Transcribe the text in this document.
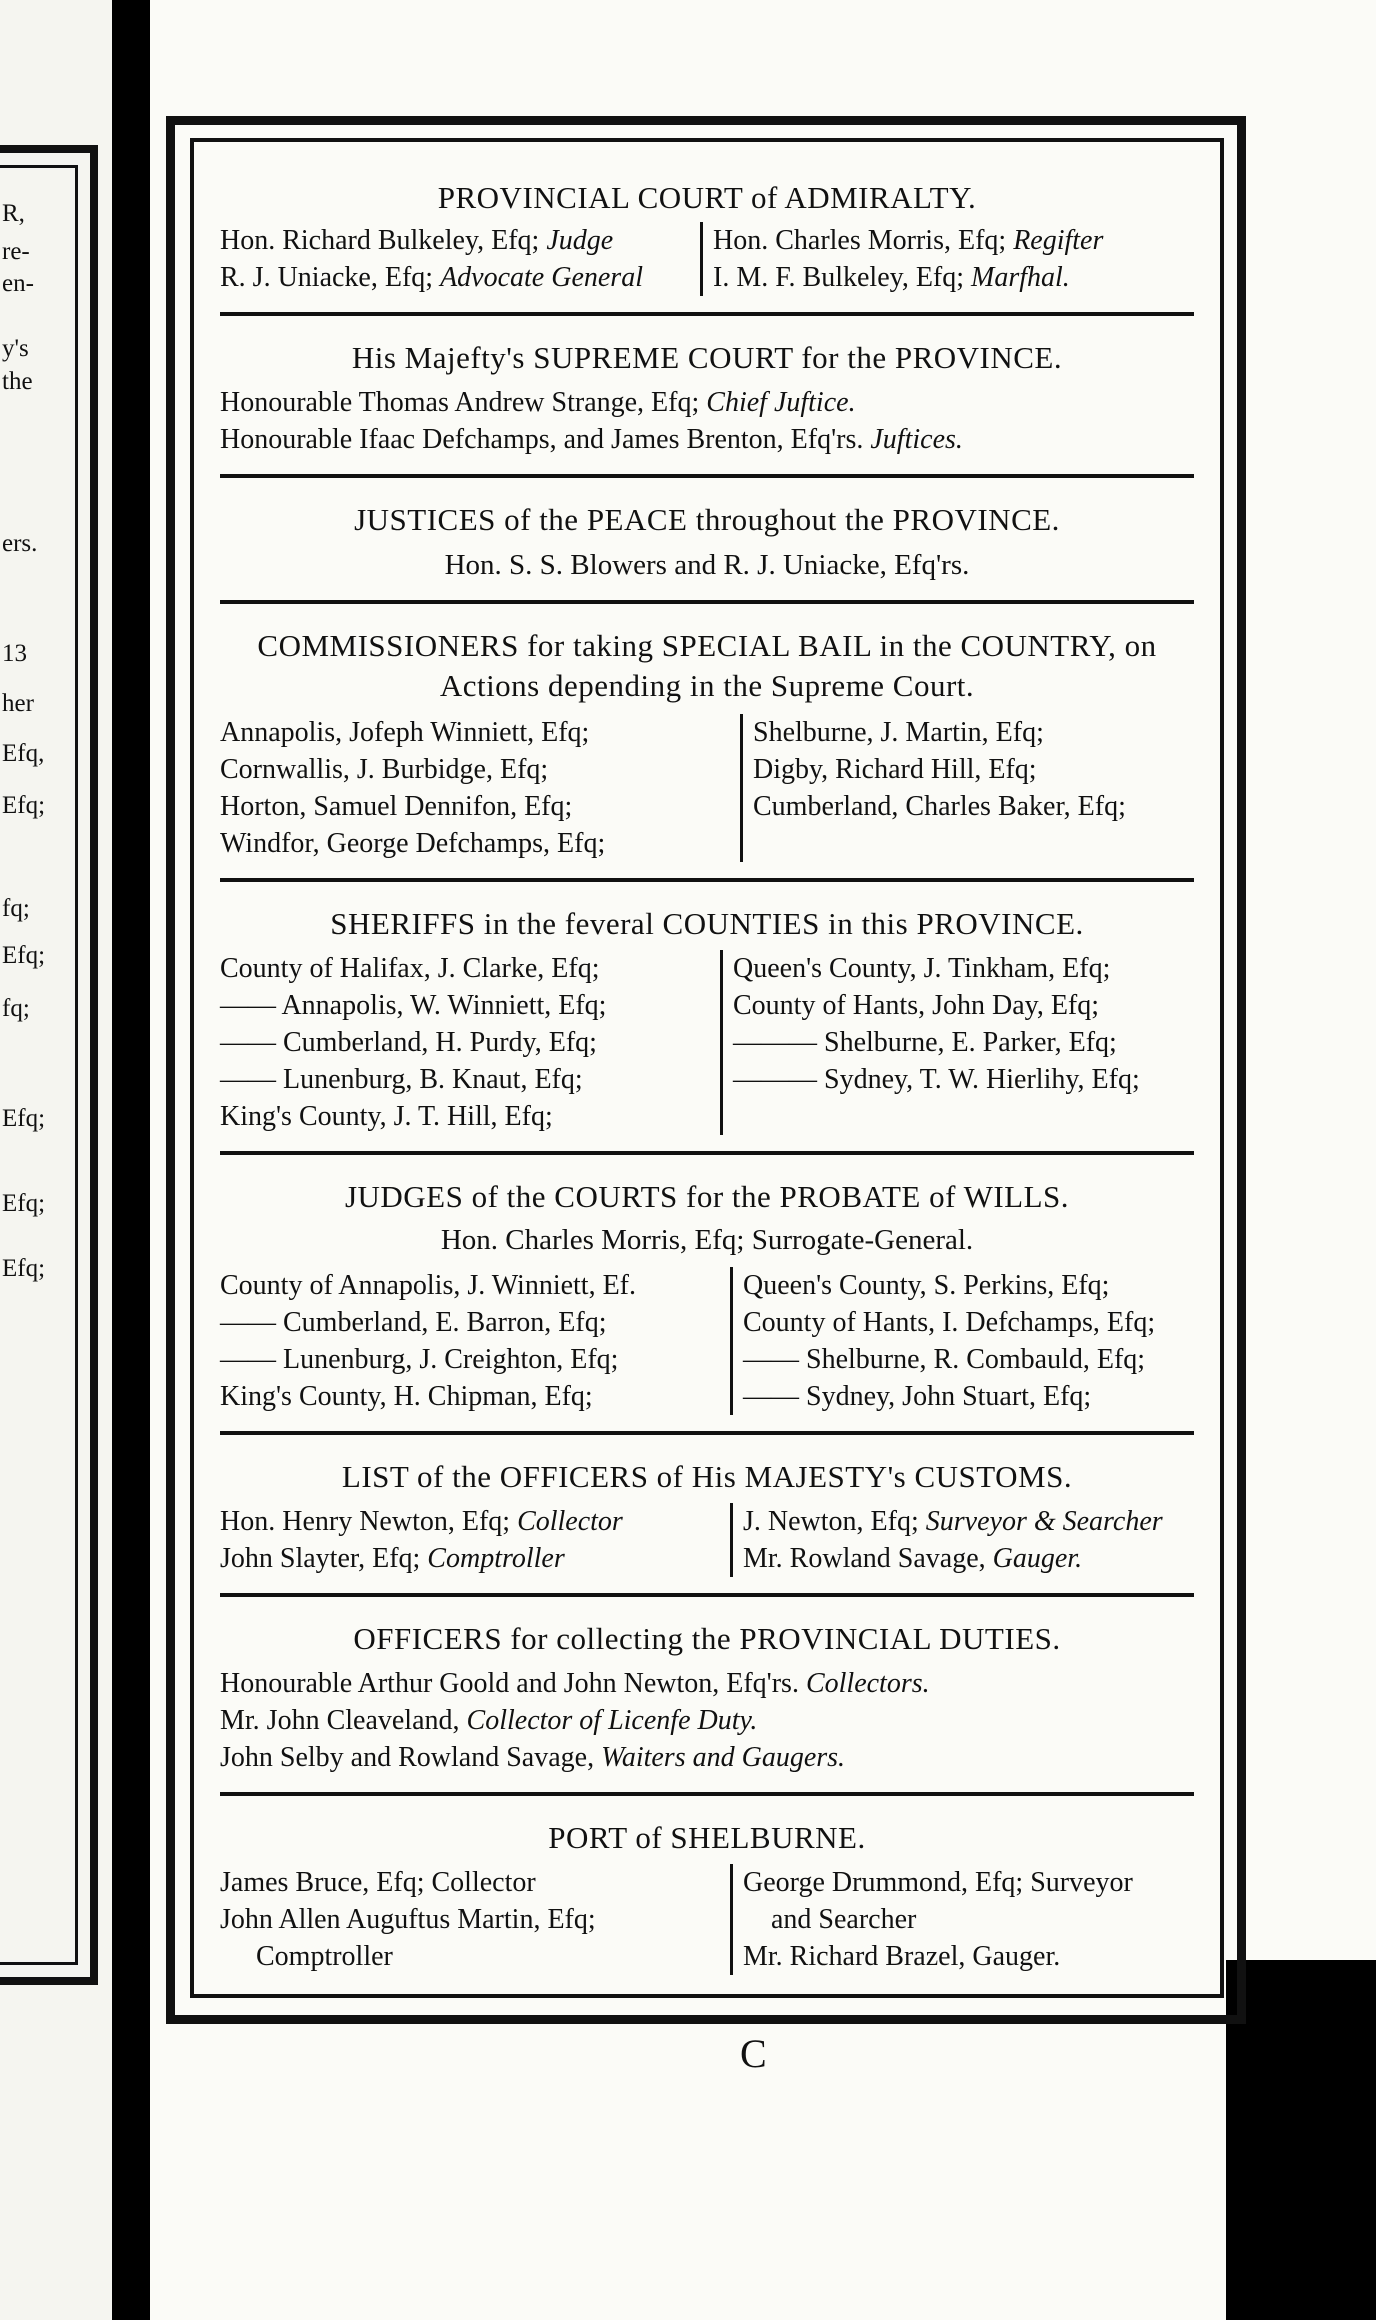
R,
re-
en-
y's
the
ers.
13
her
Efq,
Efq;
fq;
Efq;
fq;
Efq;
Efq;
Efq;

PROVINCIAL COURT of ADMIRALTY.

Hon. Richard Bulkeley, Efq; Judge
R. J. Uniacke, Efq; Advocate General
Hon. Charles Morris, Efq; Regifter
I. M. F. Bulkeley, Efq; Marfhal.

His Majefty's SUPREME COURT for the PROVINCE.

Honourable Thomas Andrew Strange, Efq; Chief Juftice.
Honourable Ifaac Defchamps, and James Brenton, Efq'rs. Juftices.

JUSTICES of the PEACE throughout the PROVINCE.

Hon. S. S. Blowers and R. J. Uniacke, Efq'rs.

COMMISSIONERS for taking SPECIAL BAIL in the COUNTRY, on

Actions depending in the Supreme Court.

Annapolis, Jofeph Winniett, Efq;
Cornwallis, J. Burbidge, Efq;
Horton, Samuel Dennifon, Efq;
Windfor, George Defchamps, Efq;
Shelburne, J. Martin, Efq;
Digby, Richard Hill, Efq;
Cumberland, Charles Baker, Efq;

SHERIFFS in the feveral COUNTIES in this PROVINCE.

County of Halifax, J. Clarke, Efq;
—— Annapolis, W. Winniett, Efq;
—— Cumberland, H. Purdy, Efq;
—— Lunenburg, B. Knaut, Efq;
King's County, J. T. Hill, Efq;
Queen's County, J. Tinkham, Efq;
County of Hants, John Day, Efq;
——— Shelburne, E. Parker, Efq;
——— Sydney, T. W. Hierlihy, Efq;

JUDGES of the COURTS for the PROBATE of WILLS.

Hon. Charles Morris, Efq; Surrogate-General.
County of Annapolis, J. Winniett, Ef.
—— Cumberland, E. Barron, Efq;
—— Lunenburg, J. Creighton, Efq;
King's County, H. Chipman, Efq;
Queen's County, S. Perkins, Efq;
County of Hants, I. Defchamps, Efq;
—— Shelburne, R. Combauld, Efq;
—— Sydney, John Stuart, Efq;

LIST of the OFFICERS of His MAJESTY's CUSTOMS.

Hon. Henry Newton, Efq; Collector
John Slayter, Efq; Comptroller
J. Newton, Efq; Surveyor & Searcher
Mr. Rowland Savage, Gauger.

OFFICERS for collecting the PROVINCIAL DUTIES.

Honourable Arthur Goold and John Newton, Efq'rs. Collectors.
Mr. John Cleaveland, Collector of Licenfe Duty.
John Selby and Rowland Savage, Waiters and Gaugers.

PORT of SHELBURNE.

James Bruce, Efq; Collector
John Allen Auguftus Martin, Efq;
Comptroller
George Drummond, Efq; Surveyor
and Searcher
Mr. Richard Brazel, Gauger.
C
